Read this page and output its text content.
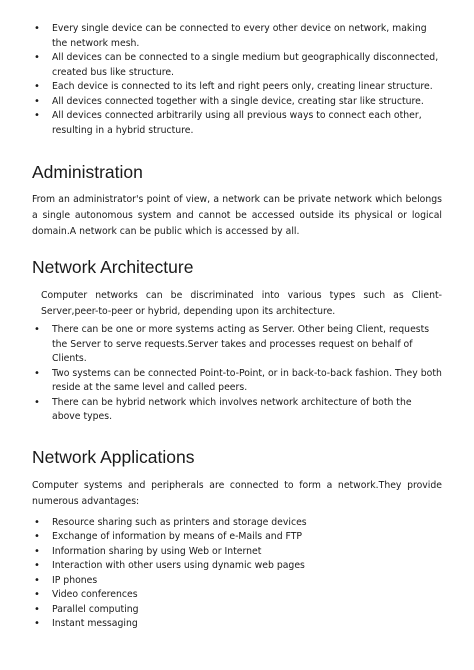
• Every single device can be connected to every other device on network, making the network mesh.
• All devices can be connected to a single medium but geographically disconnected, created bus like structure.
• Each device is connected to its left and right peers only, creating linear structure.
• All devices connected together with a single device, creating star like structure.
• All devices connected arbitrarily using all previous ways to connect each other, resulting in a hybrid structure.
Administration

From an administrator's point of view, a network can be private network which belongs a single autonomous system and cannot be accessed outside its physical or logical domain.A network can be public which is accessed by all.

Network Architecture

Computer networks can be discriminated into various types such as Client-Server,peer-to-peer or hybrid, depending upon its architecture.

• There can be one or more systems acting as Server. Other being Client, requests the Server to serve requests.Server takes and processes request on behalf of Clients.
• Two systems can be connected Point-to-Point, or in back-to-back fashion. They both reside at the same level and called peers.
• There can be hybrid network which involves network architecture of both the above types.
Network Applications

Computer systems and peripherals are connected to form a network.They provide numerous advantages:

• Resource sharing such as printers and storage devices
• Exchange of information by means of e-Mails and FTP
• Information sharing by using Web or Internet
• Interaction with other users using dynamic web pages
• IP phones
• Video conferences
• Parallel computing
• Instant messaging
